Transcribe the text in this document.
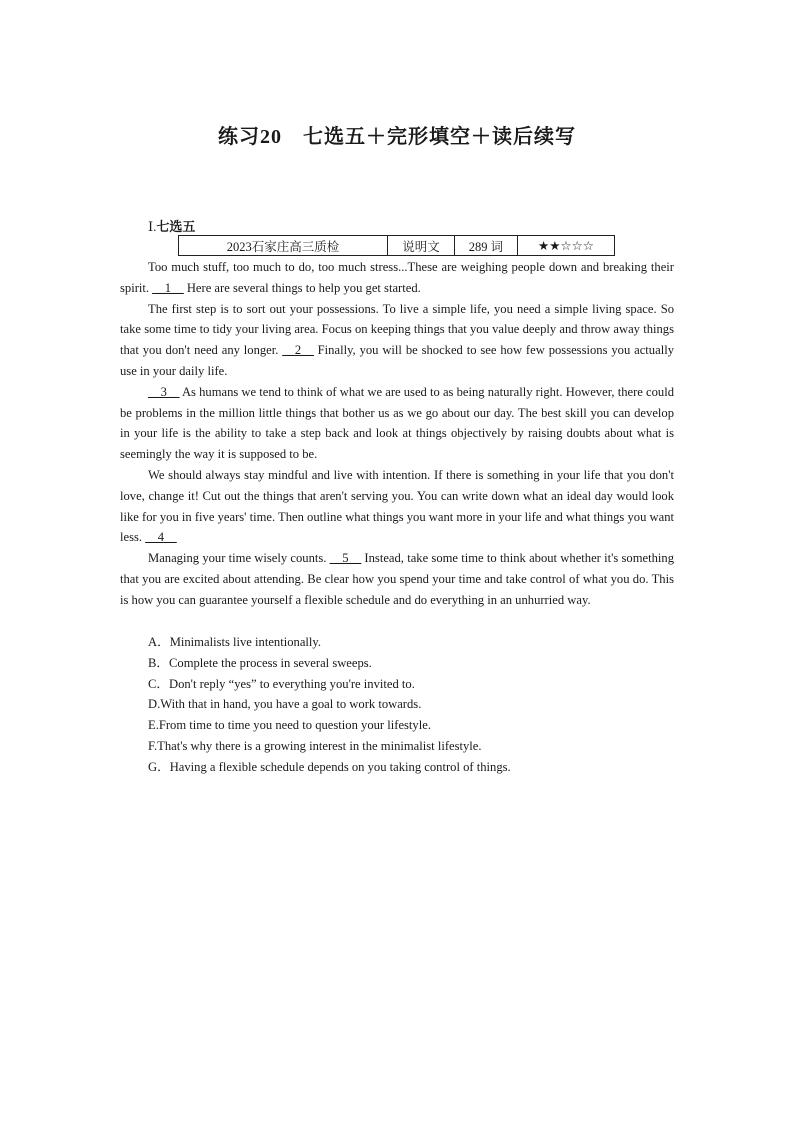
练习20　七选五＋完形填空＋读后续写
Ⅰ.七选五
2023石家庄高三质检	说明文	289 词	★★☆☆☆

Too much stuff, too much to do, too much stress...These are weighing people down and breaking their spirit. __1__ Here are several things to help you get started.

The first step is to sort out your possessions. To live a simple life, you need a simple living space. So take some time to tidy your living area. Focus on keeping things that you value deeply and throw away things that you don't need any longer. __2__ Finally, you will be shocked to see how few possessions you actually use in your daily life.

__3__ As humans we tend to think of what we are used to as being naturally right. However, there could be problems in the million little things that bother us as we go about our day. The best skill you can develop in your life is the ability to take a step back and look at things objectively by raising doubts about what is seemingly the way it is supposed to be.

We should always stay mindful and live with intention. If there is something in your life that you don't love, change it! Cut out the things that aren't serving you. You can write down what an ideal day would look like for you in five years' time. Then outline what things you want more in your life and what things you want less. __4__

Managing your time wisely counts. __5__ Instead, take some time to think about whether it's something that you are excited about attending. Be clear how you spend your time and take control of what you do. This is how you can guarantee yourself a flexible schedule and do everything in an unhurried way.

A．Minimalists live intentionally.
B．Complete the process in several sweeps.
C．Don't reply “yes” to everything you're invited to.
D.With that in hand, you have a goal to work towards.
E.From time to time you need to question your lifestyle.
F.That's why there is a growing interest in the minimalist lifestyle.
G．Having a flexible schedule depends on you taking control of things.
